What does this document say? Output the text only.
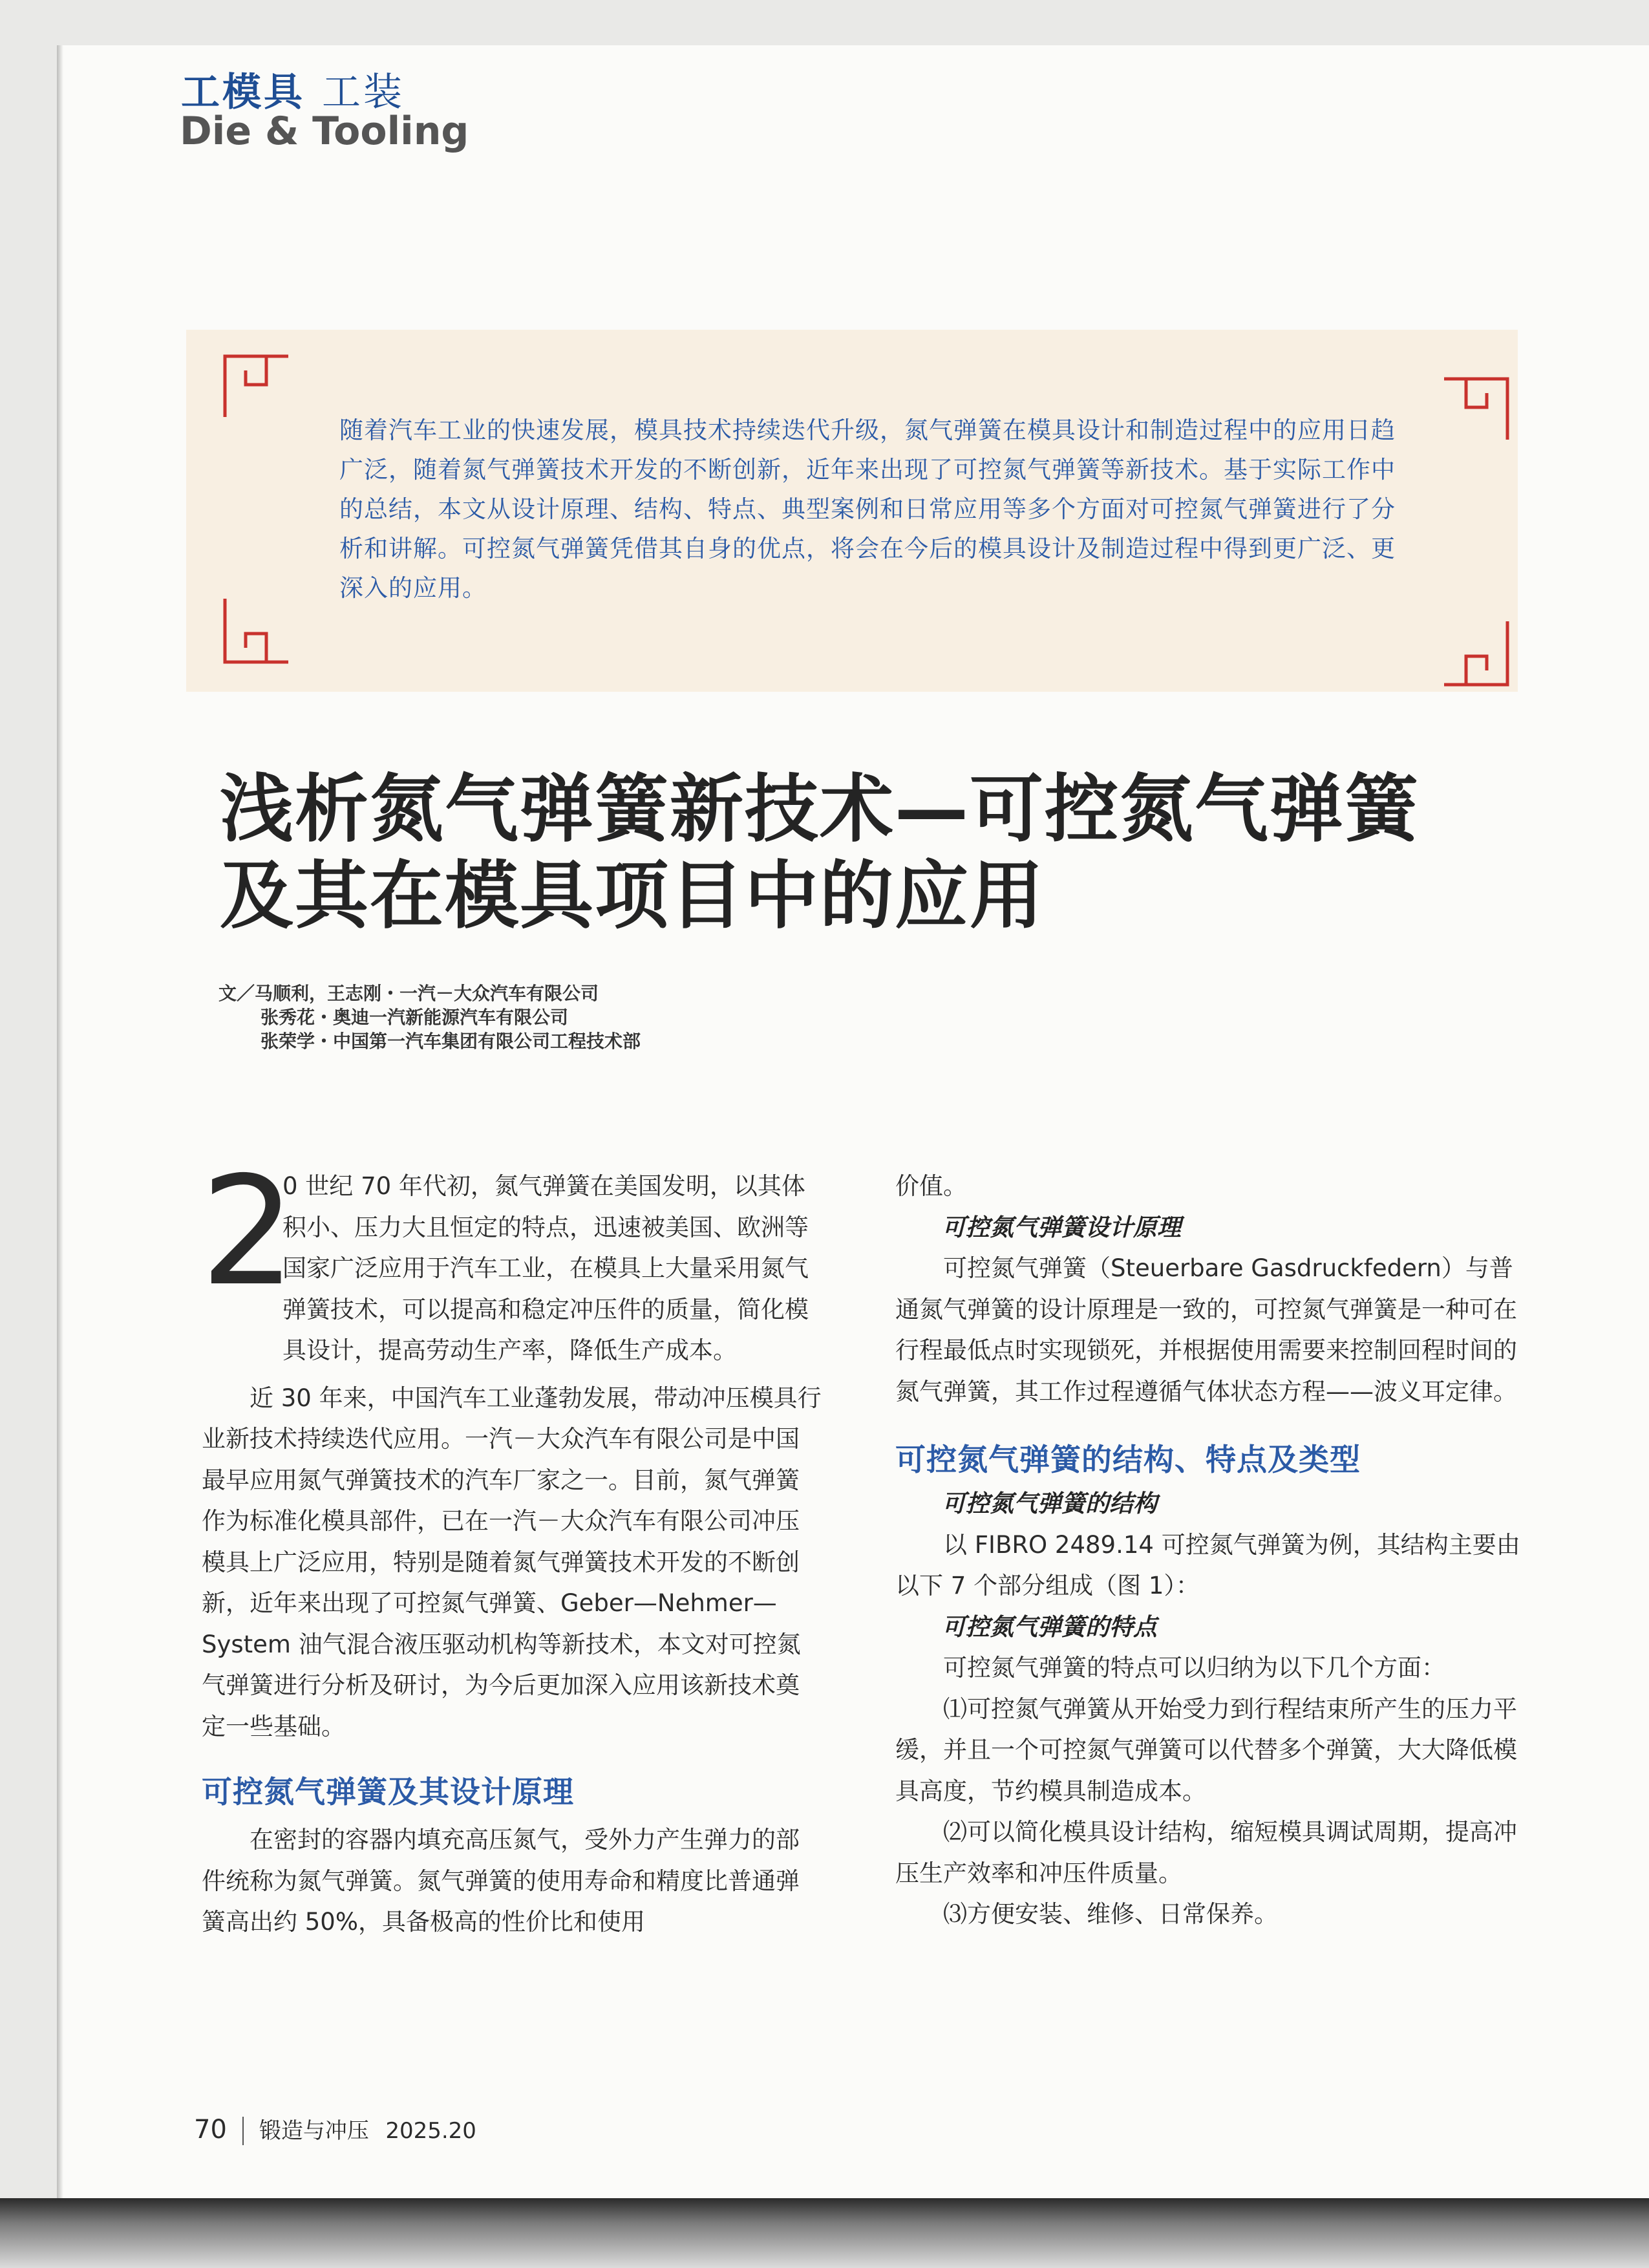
工模具 工装
Die & Tooling
随着汽车工业的快速发展，模具技术持续迭代升级，氮气弹簧在模具设计和制造过程中的应用日趋广泛，随着氮气弹簧技术开发的不断创新，近年来出现了可控氮气弹簧等新技术。基于实际工作中的总结，本文从设计原理、结构、特点、典型案例和日常应用等多个方面对可控氮气弹簧进行了分析和讲解。可控氮气弹簧凭借其自身的优点，将会在今后的模具设计及制造过程中得到更广泛、更深入的应用。
浅析氮气弹簧新技术—可控氮气弹簧
及其在模具项目中的应用
文／马顺利，王志刚・一汽－大众汽车有限公司
张秀花・奥迪一汽新能源汽车有限公司
张荣学・中国第一汽车集团有限公司工程技术部
2

0 世纪 70 年代初，氮气弹簧在美国发明，以其体积小、压力大且恒定的特点，迅速被美国、欧洲等国家广泛应用于汽车工业，在模具上大量采用氮气弹簧技术，可以提高和稳定冲压件的质量，简化模具设计，提高劳动生产率，降低生产成本。

近 30 年来，中国汽车工业蓬勃发展，带动冲压模具行业新技术持续迭代应用。一汽－大众汽车有限公司是中国最早应用氮气弹簧技术的汽车厂家之一。目前，氮气弹簧作为标准化模具部件，已在一汽－大众汽车有限公司冲压模具上广泛应用，特别是随着氮气弹簧技术开发的不断创新，近年来出现了可控氮气弹簧、Geber—Nehmer—System 油气混合液压驱动机构等新技术，本文对可控氮气弹簧进行分析及研讨，为今后更加深入应用该新技术奠定一些基础。

可控氮气弹簧及其设计原理

在密封的容器内填充高压氮气，受外力产生弹力的部件统称为氮气弹簧。氮气弹簧的使用寿命和精度比普通弹簧高出约 50%，具备极高的性价比和使用

价值。

可控氮气弹簧设计原理

可控氮气弹簧（Steuerbare Gasdruckfedern）与普通氮气弹簧的设计原理是一致的，可控氮气弹簧是一种可在行程最低点时实现锁死，并根据使用需要来控制回程时间的氮气弹簧，其工作过程遵循气体状态方程——波义耳定律。

可控氮气弹簧的结构、特点及类型
可控氮气弹簧的结构

以 FIBRO 2489.14 可控氮气弹簧为例，其结构主要由以下 7 个部分组成（图 1）：

可控氮气弹簧的特点

可控氮气弹簧的特点可以归纳为以下几个方面：

⑴可控氮气弹簧从开始受力到行程结束所产生的压力平缓，并且一个可控氮气弹簧可以代替多个弹簧，大大降低模具高度，节约模具制造成本。

⑵可以简化模具设计结构，缩短模具调试周期，提高冲压生产效率和冲压件质量。

⑶方便安装、维修、日常保养。

70 锻造与冲压 2025.20
